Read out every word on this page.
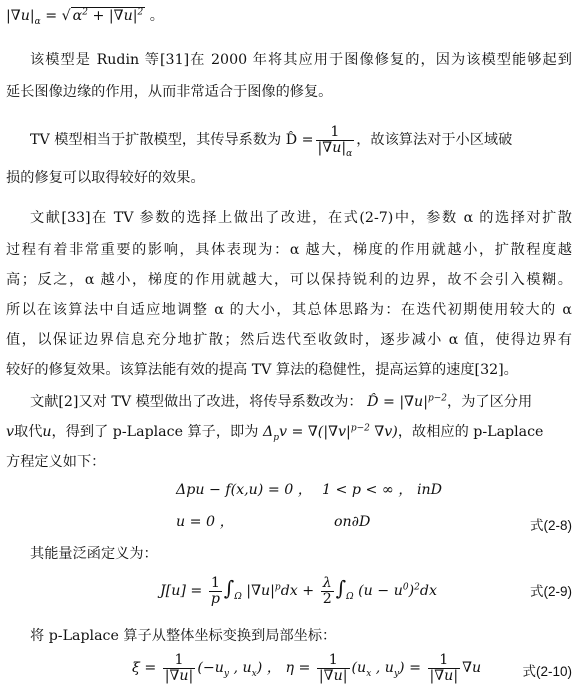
$|\nabla u|_\alpha$ = √ $\alpha^2 + |\nabla u|^2$ 。
该模型是 Rudin 等[31]在 2000 年将其应用于图像修复的，因为该模型能够起到
延长图像边缘的作用，从而非常适合于图像的修复。
TV 模型相当于扩散模型，其传导系数为 D̂ = $\frac{1}{|\nabla u|_\alpha}$ ，故该算法对于小区域破
损的修复可以取得较好的效果。
文献[33]在 TV 参数的选择上做出了改进，在式(2-7)中，参数 α 的选择对扩散
过程有着非常重要的影响，具体表现为：α 越大，梯度的作用就越小，扩散程度越
高；反之，α 越小，梯度的作用就越大，可以保持锐利的边界，故不会引入模糊。
所以在该算法中自适应地调整 α 的大小，其总体思路为：在迭代初期使用较大的 α
值，以保证边界信息充分地扩散；然后迭代至收敛时，逐步减小 α 值，使得边界有
较好的修复效果。该算法能有效的提高 TV 算法的稳健性，提高运算的速度[32]。
文献[2]又对 TV 模型做出了改进，将传导系数改为： D̂ = $|\nabla u|^{p-2}$，为了区分用
v取代u，得到了 p-Laplace 算子，即为 $\Delta_pv = \nabla(|\nabla v|^{p-2}$ ∇v)，故相应的 p-Laplace
方程定义如下：
Δpu − f(x,u) = 0 ， 1 < p < ∞ ， inD
u = 0 ，	on∂D	式(2-8)
其能量泛函定义为：
$J[u] = \frac{1}{p} \int_\Omega$ $|\nabla u|^pdx + \frac{\lambda}{2} \int_\Omega$ $(u - u^0)^2dx$	式(2-9)
将 p-Laplace 算子从整体坐标变换到局部坐标：
$\xi = \frac{1}{|\nabla u|} (-u_y$ , $u_x$) ， $\eta = \frac{1}{|\nabla u|} (u_x$ , $u_y) = \frac{1}{|\nabla u|} \nabla u$	式(2-10)
